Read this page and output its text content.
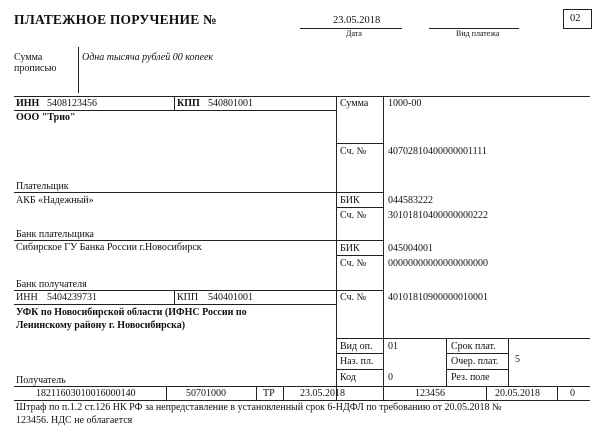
ПЛАТЕЖНОЕ ПОРУЧЕНИЕ №	23.05.2018
Дата	Вид платежа
02
Сумма
прописью
Одна тысяча рублей 00 копеек
ИНН 5408123456	КПП 540801001
ООО "Трио"
Плательщик
Сумма 1000-00
Сч. № 40702810400000001111
АКБ «Надежный»
Банк плательщика
БИК	044583222
Сч. № 30101810400000000222
Сибирское ГУ Банка России г.Новосибирск
Банк получателя
БИК	045004001
Сч. № 00000000000000000000
ИНН 5404239731	КПП 540401001
УФК по Новосибирской области (ИФНС России по
Ленинскому району г. Новосибирска)
Получатель
Сч. № 40101810900000010001
Вид оп. 01	Срок плат.
Наз. пл.	Очер. плат. 5
Код	0	Рез. поле
18211603010016000140	50701000	ТР	23.05.2018	123456	20.05.2018	0
Штраф по п.1.2 ст.126 НК РФ за непредставление в установленный срок 6-НДФЛ по требованию от 20.05.2018 №
123456. НДС не облагается
